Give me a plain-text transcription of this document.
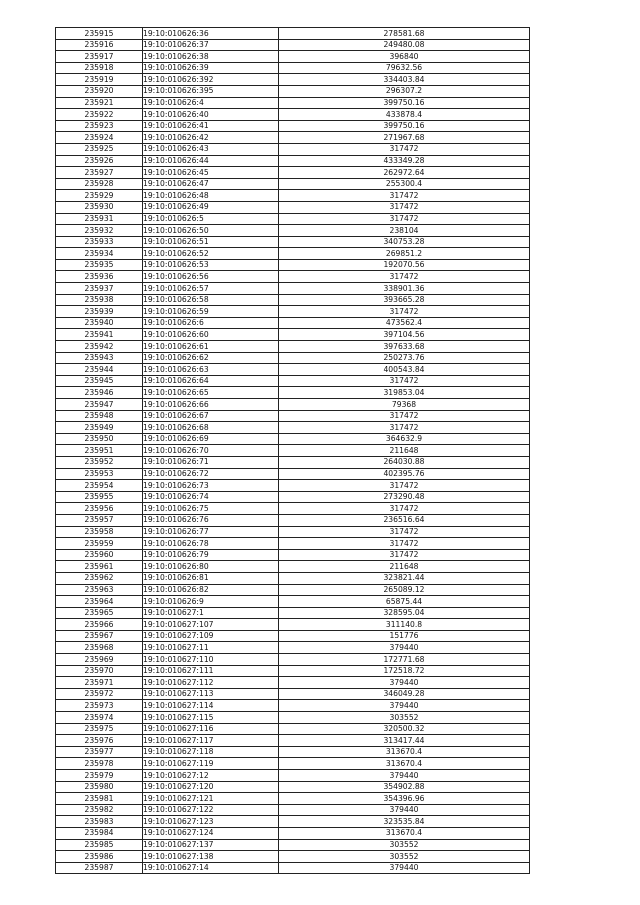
235915	19:10:010626:36	278581.68
235916	19:10:010626:37	249480.08
235917	19:10:010626:38	396840
235918	19:10:010626:39	79632.56
235919	19:10:010626:392	334403.84
235920	19:10:010626:395	296307.2
235921	19:10:010626:4	399750.16
235922	19:10:010626:40	433878.4
235923	19:10:010626:41	399750.16
235924	19:10:010626:42	271967.68
235925	19:10:010626:43	317472
235926	19:10:010626:44	433349.28
235927	19:10:010626:45	262972.64
235928	19:10:010626:47	255300.4
235929	19:10:010626:48	317472
235930	19:10:010626:49	317472
235931	19:10:010626:5	317472
235932	19:10:010626:50	238104
235933	19:10:010626:51	340753.28
235934	19:10:010626:52	269851.2
235935	19:10:010626:53	192070.56
235936	19:10:010626:56	317472
235937	19:10:010626:57	338901.36
235938	19:10:010626:58	393665.28
235939	19:10:010626:59	317472
235940	19:10:010626:6	473562.4
235941	19:10:010626:60	397104.56
235942	19:10:010626:61	397633.68
235943	19:10:010626:62	250273.76
235944	19:10:010626:63	400543.84
235945	19:10:010626:64	317472
235946	19:10:010626:65	319853.04
235947	19:10:010626:66	79368
235948	19:10:010626:67	317472
235949	19:10:010626:68	317472
235950	19:10:010626:69	364632.9
235951	19:10:010626:70	211648
235952	19:10:010626:71	264030.88
235953	19:10:010626:72	402395.76
235954	19:10:010626:73	317472
235955	19:10:010626:74	273290.48
235956	19:10:010626:75	317472
235957	19:10:010626:76	236516.64
235958	19:10:010626:77	317472
235959	19:10:010626:78	317472
235960	19:10:010626:79	317472
235961	19:10:010626:80	211648
235962	19:10:010626:81	323821.44
235963	19:10:010626:82	265089.12
235964	19:10:010626:9	65875.44
235965	19:10:010627:1	328595.04
235966	19:10:010627:107	311140.8
235967	19:10:010627:109	151776
235968	19:10:010627:11	379440
235969	19:10:010627:110	172771.68
235970	19:10:010627:111	172518.72
235971	19:10:010627:112	379440
235972	19:10:010627:113	346049.28
235973	19:10:010627:114	379440
235974	19:10:010627:115	303552
235975	19:10:010627:116	320500.32
235976	19:10:010627:117	313417.44
235977	19:10:010627:118	313670.4
235978	19:10:010627:119	313670.4
235979	19:10:010627:12	379440
235980	19:10:010627:120	354902.88
235981	19:10:010627:121	354396.96
235982	19:10:010627:122	379440
235983	19:10:010627:123	323535.84
235984	19:10:010627:124	313670.4
235985	19:10:010627:137	303552
235986	19:10:010627:138	303552
235987	19:10:010627:14	379440
